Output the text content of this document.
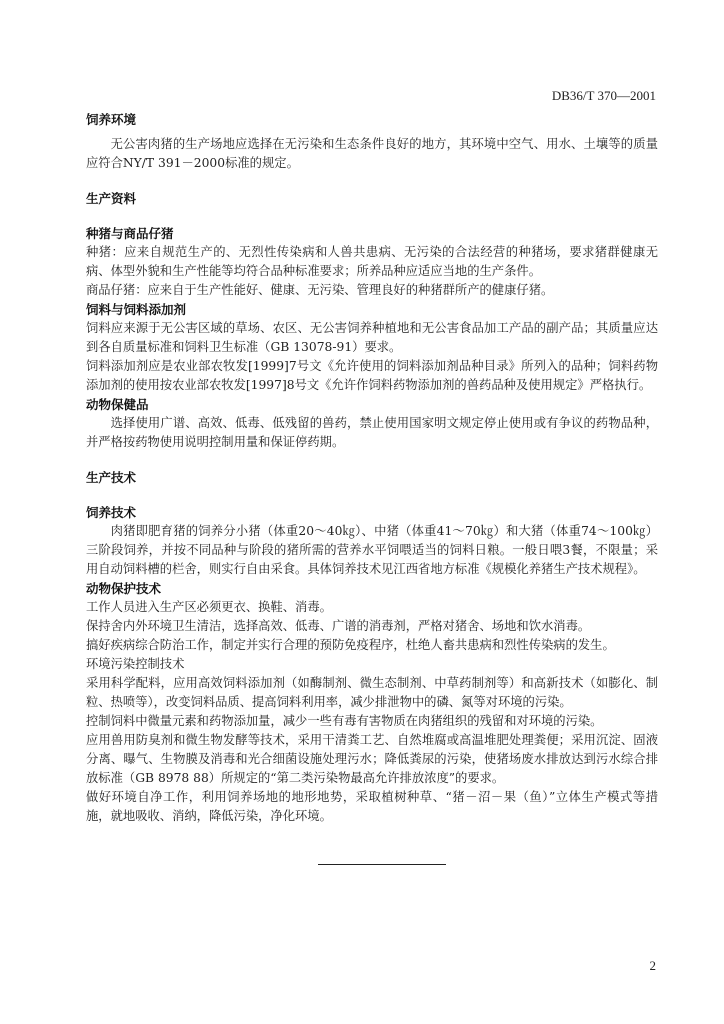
DB36/T 370—2001
饲养环境

无公害肉猪的生产场地应选择在无污染和生态条件良好的地方，其环境中空气、用水、土壤等的质量应符合NY/T 391－2000标准的规定。

生产资料
种猪与商品仔猪

种猪：应来自规范生产的、无烈性传染病和人兽共患病、无污染的合法经营的种猪场，要求猪群健康无病、体型外貌和生产性能等均符合品种标准要求；所养品种应适应当地的生产条件。

商品仔猪：应来自于生产性能好、健康、无污染、管理良好的种猪群所产的健康仔猪。

饲料与饲料添加剂

饲料应来源于无公害区域的草场、农区、无公害饲养种植地和无公害食品加工产品的副产品；其质量应达到各自质量标准和饲料卫生标准（GB 13078-91）要求。

饲料添加剂应是农业部农牧发[1999]7号文《允许使用的饲料添加剂品种目录》所列入的品种；饲料药物添加剂的使用按农业部农牧发[1997]8号文《允许作饲料药物添加剂的兽药品种及使用规定》严格执行。

动物保健品

选择使用广谱、高效、低毒、低残留的兽药，禁止使用国家明文规定停止使用或有争议的药物品种，并严格按药物使用说明控制用量和保证停药期。

生产技术
饲养技术

肉猪即肥育猪的饲养分小猪（体重20～40㎏）、中猪（体重41～70㎏）和大猪（体重74～100㎏）三阶段饲养，并按不同品种与阶段的猪所需的营养水平饲喂适当的饲料日粮。一般日喂3餐，不限量；采用自动饲料槽的栏舍，则实行自由采食。具体饲养技术见江西省地方标准《规模化养猪生产技术规程》。

动物保护技术

工作人员进入生产区必须更衣、换鞋、消毒。

保持舍内外环境卫生清洁，选择高效、低毒、广谱的消毒剂，严格对猪舍、场地和饮水消毒。

搞好疾病综合防治工作，制定并实行合理的预防免疫程序，杜绝人畜共患病和烈性传染病的发生。

环境污染控制技术

采用科学配料，应用高效饲料添加剂（如酶制剂、微生态制剂、中草药制剂等）和高新技术（如膨化、制粒、热喷等），改变饲料品质、提高饲料利用率，减少排泄物中的磷、氮等对环境的污染。

控制饲料中微量元素和药物添加量，减少一些有毒有害物质在肉猪组织的残留和对环境的污染。

应用兽用防臭剂和微生物发酵等技术，采用干清粪工艺、自然堆腐或高温堆肥处理粪便；采用沉淀、固液分离、曝气、生物膜及消毒和光合细菌设施处理污水；降低粪尿的污染，使猪场废水排放达到污水综合排放标准（GB 8978 88）所规定的“第二类污染物最高允许排放浓度”的要求。

做好环境自净工作，利用饲养场地的地形地势，采取植树种草、“猪－沼－果（鱼）”立体生产模式等措施，就地吸收、消纳，降低污染，净化环境。

2
